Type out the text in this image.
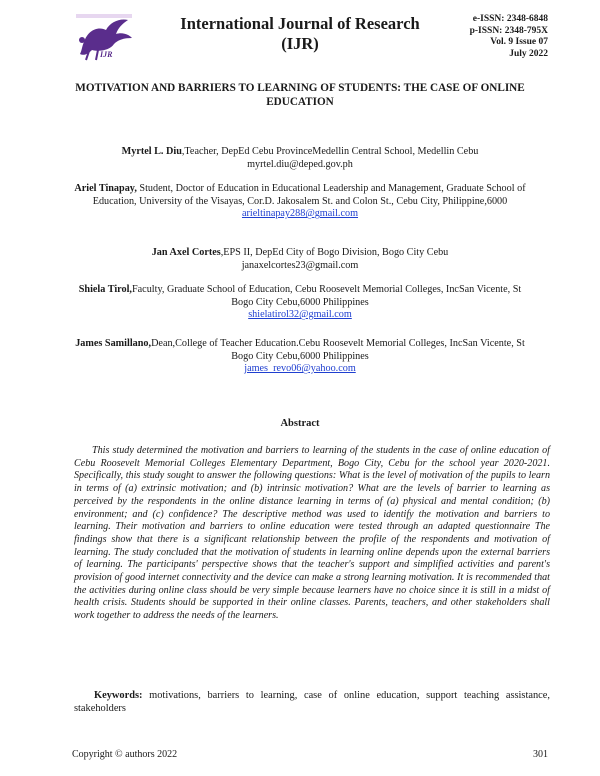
IJR
International Journal of Research
(IJR)
e-ISSN: 2348-6848
p-ISSN: 2348-795X
Vol. 9 Issue 07
July 2022
MOTIVATION AND BARRIERS TO LEARNING OF STUDENTS: THE CASE OF ONLINE
EDUCATION
Myrtel L. Diu,Teacher, DepEd Cebu ProvinceMedellin Central School, Medellin Cebu
myrtel.diu@deped.gov.ph
Ariel Tinapay, Student, Doctor of Education in Educational Leadership and Management, Graduate School of Education, University of the Visayas, Cor.D. Jakosalem St. and Colon St., Cebu City, Philippine,6000
arieltinapay288@gmail.com
Jan Axel Cortes,EPS II, DepEd City of Bogo Division, Bogo City Cebu
janaxelcortes23@gmail.com
Shiela Tirol,Faculty, Graduate School of Education, Cebu Roosevelt Memorial Colleges, IncSan Vicente, St Bogo City Cebu,6000 Philippines
shielatirol32@gmail.com
James Samillano,Dean,College of Teacher Education.Cebu Roosevelt Memorial Colleges, IncSan Vicente, St Bogo City Cebu,6000 Philippines
james_revo06@yahoo.com
Abstract

This study determined the motivation and barriers to learning of the students in the case of online education of Cebu Roosevelt Memorial Colleges Elementary Department, Bogo City, Cebu for the school year 2020-2021. Specifically, this study sought to answer the following questions: What is the level of motivation of the pupils to learn in terms of (a) extrinsic motivation; and (b) intrinsic motivation? What are the levels of barrier to learning as perceived by the respondents in the online distance learning in terms of (a) physical and mental condition; (b) environment; and (c) confidence? The descriptive method was used to identify the motivation and barriers to learning. Their motivation and barriers to online education were tested through an adapted questionnaire The findings show that there is a significant relationship between the profile of the respondents and motivation of learning. The study concluded that the motivation of students in learning online depends upon the external barriers of learning. The participants' perspective shows that the teacher's support and simplified activities and parent's provision of good internet connectivity and the device can make a strong learning motivation. It is recommended that the activities during online class should be very simple because learners have no choice since it is still in a midst of health crisis. Students should be supported in their online classes. Parents, teachers, and other stakeholders shall work together to address the needs of the learners.

Keywords: motivations, barriers to learning, case of online education, support teaching assistance, stakeholders

Copyright © authors 2022	301
